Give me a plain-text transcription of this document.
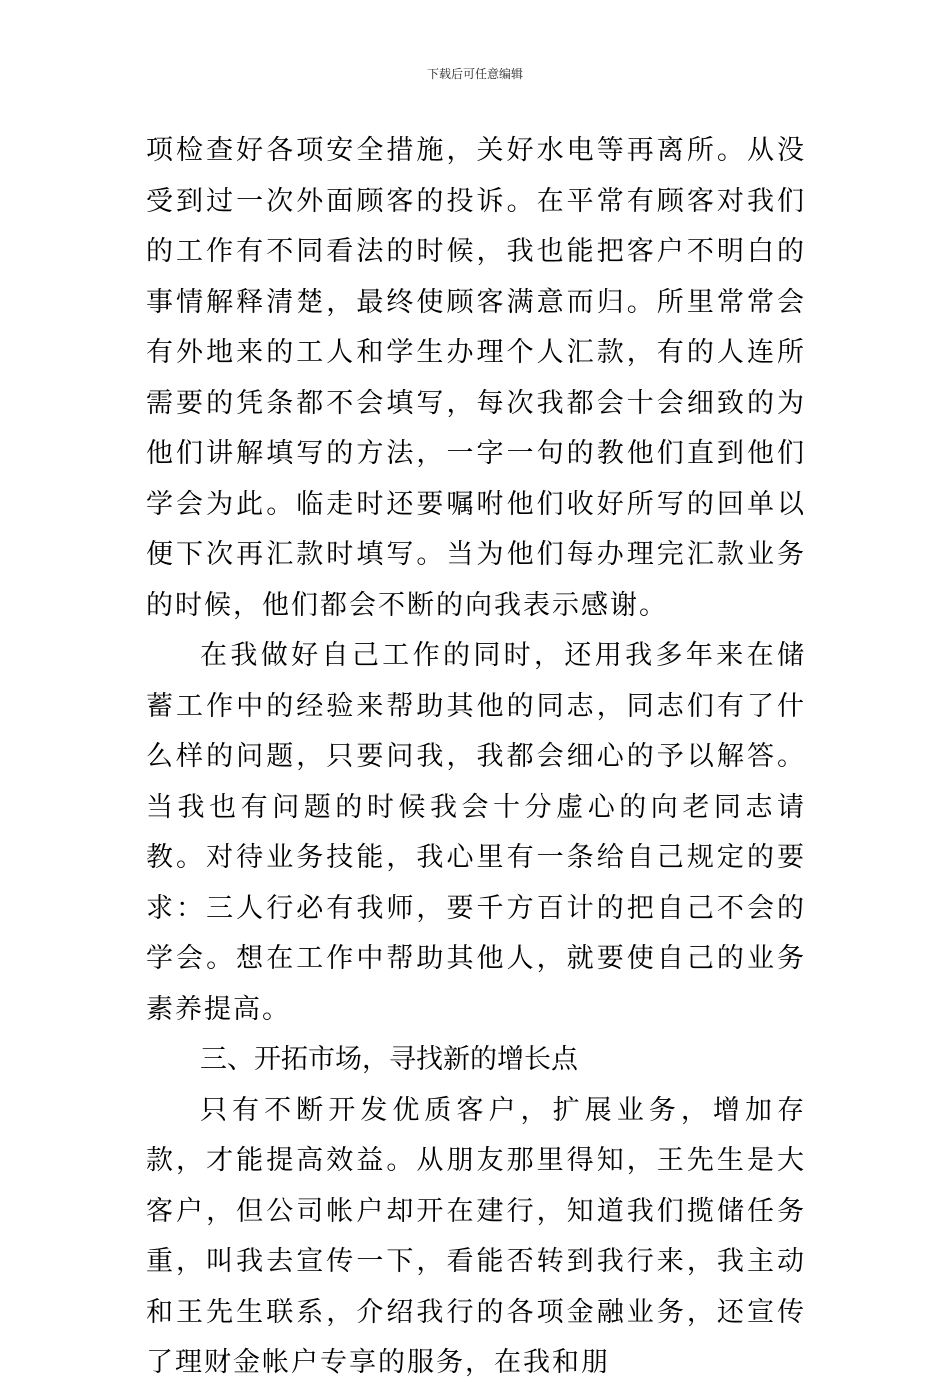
下载后可任意编辑

项检查好各项安全措施，关好水电等再离所。从没受到过一次外面顾客的投诉。在平常有顾客对我们的工作有不同看法的时候，我也能把客户不明白的事情解释清楚，最终使顾客满意而归。所里常常会有外地来的工人和学生办理个人汇款，有的人连所需要的凭条都不会填写，每次我都会十会细致的为他们讲解填写的方法，一字一句的教他们直到他们学会为此。临走时还要嘱咐他们收好所写的回单以便下次再汇款时填写。当为他们每办理完汇款业务的时候，他们都会不断的向我表示感谢。

在我做好自己工作的同时，还用我多年来在储蓄工作中的经验来帮助其他的同志，同志们有了什么样的问题，只要问我，我都会细心的予以解答。当我也有问题的时候我会十分虚心的向老同志请教。对待业务技能，我心里有一条给自己规定的要求：三人行必有我师，要千方百计的把自己不会的学会。想在工作中帮助其他人，就要使自己的业务素养提高。

三、开拓市场，寻找新的增长点

只有不断开发优质客户，扩展业务，增加存款，才能提高效益。从朋友那里得知，王先生是大客户，但公司帐户却开在建行，知道我们揽储任务重，叫我去宣传一下，看能否转到我行来，我主动和王先生联系，介绍我行的各项金融业务，还宣传了理财金帐户专享的服务，在我和朋
